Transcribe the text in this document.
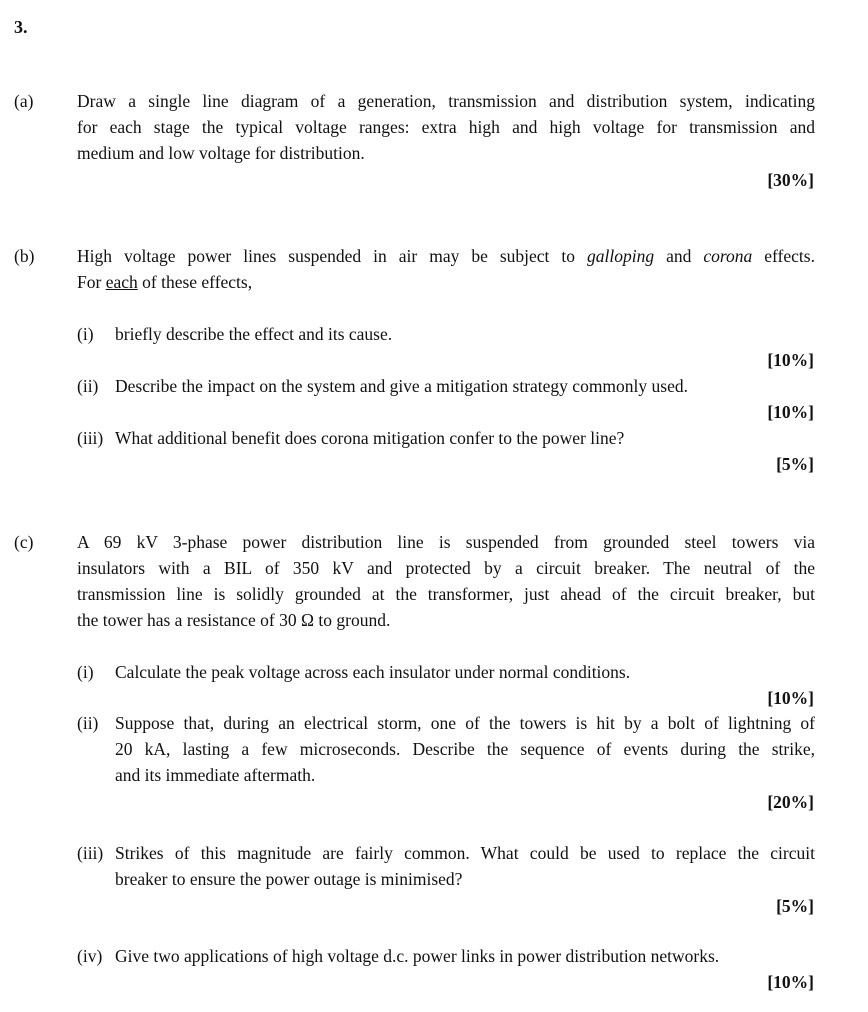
3.
(a) Draw a single line diagram of a generation, transmission and distribution system, indicating
for each stage the typical voltage ranges: extra high and high voltage for transmission and
medium and low voltage for distribution.
[30%]
(b) High voltage power lines suspended in air may be subject to galloping and corona effects.
For each of these effects,
(i) briefly describe the effect and its cause.
[10%]
(ii) Describe the impact on the system and give a mitigation strategy commonly used.
[10%]
(iii) What additional benefit does corona mitigation confer to the power line?
[5%]
(c) A 69 kV 3-phase power distribution line is suspended from grounded steel towers via
insulators with a BIL of 350 kV and protected by a circuit breaker. The neutral of the
transmission line is solidly grounded at the transformer, just ahead of the circuit breaker, but
the tower has a resistance of 30 Ω to ground.
(i) Calculate the peak voltage across each insulator under normal conditions.
[10%]
(ii) Suppose that, during an electrical storm, one of the towers is hit by a bolt of lightning of
20 kA, lasting a few microseconds. Describe the sequence of events during the strike,
and its immediate aftermath.
[20%]
(iii) Strikes of this magnitude are fairly common. What could be used to replace the circuit
breaker to ensure the power outage is minimised?
[5%]
(iv) Give two applications of high voltage d.c. power links in power distribution networks.
[10%]
